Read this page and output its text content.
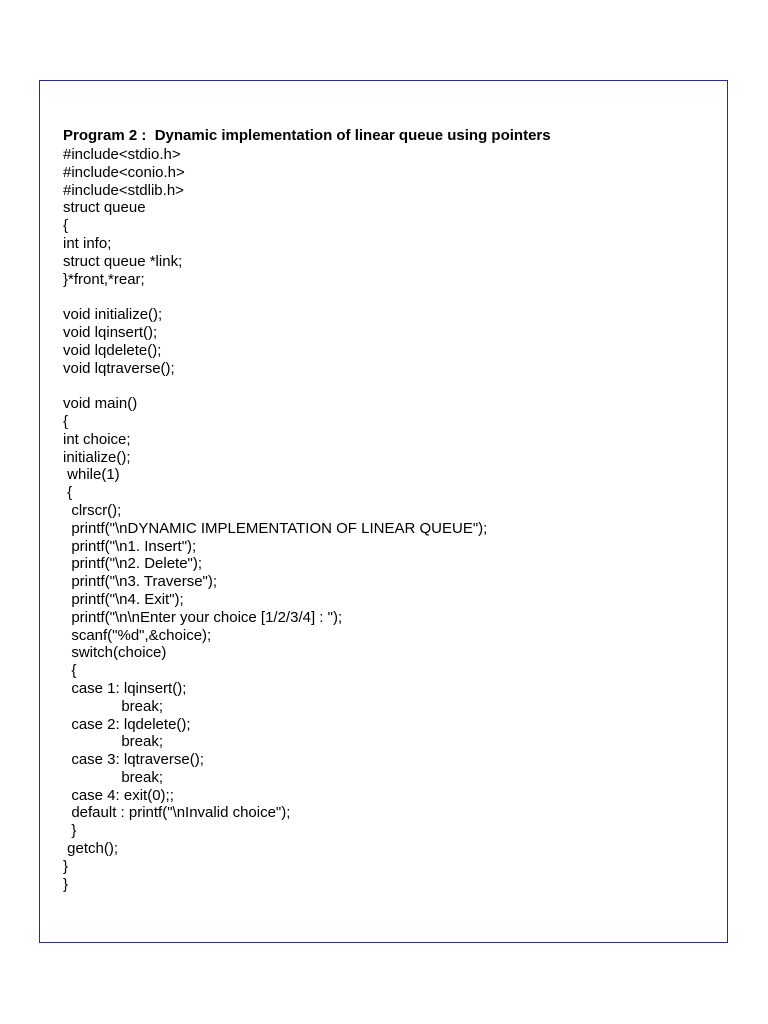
Program 2 :  Dynamic implementation of linear queue using pointers
#include<stdio.h>
#include<conio.h>
#include<stdlib.h>
struct queue
{
int info;
struct queue *link;
}*front,*rear;
void initialize();
void lqinsert();
void lqdelete();
void lqtraverse();
void main()
{
int choice;
initialize();
while(1)
{
clrscr();
printf("\nDYNAMIC IMPLEMENTATION OF LINEAR QUEUE");
printf("\n1. Insert");
printf("\n2. Delete");
printf("\n3. Traverse");
printf("\n4. Exit");
printf("\n\nEnter your choice [1/2/3/4] : ");
scanf("%d",&choice);
switch(choice)
{
case 1: lqinsert();
break;
case 2: lqdelete();
break;
case 3: lqtraverse();
break;
case 4: exit(0);;
default : printf("\nInvalid choice");
}
getch();
}
}
